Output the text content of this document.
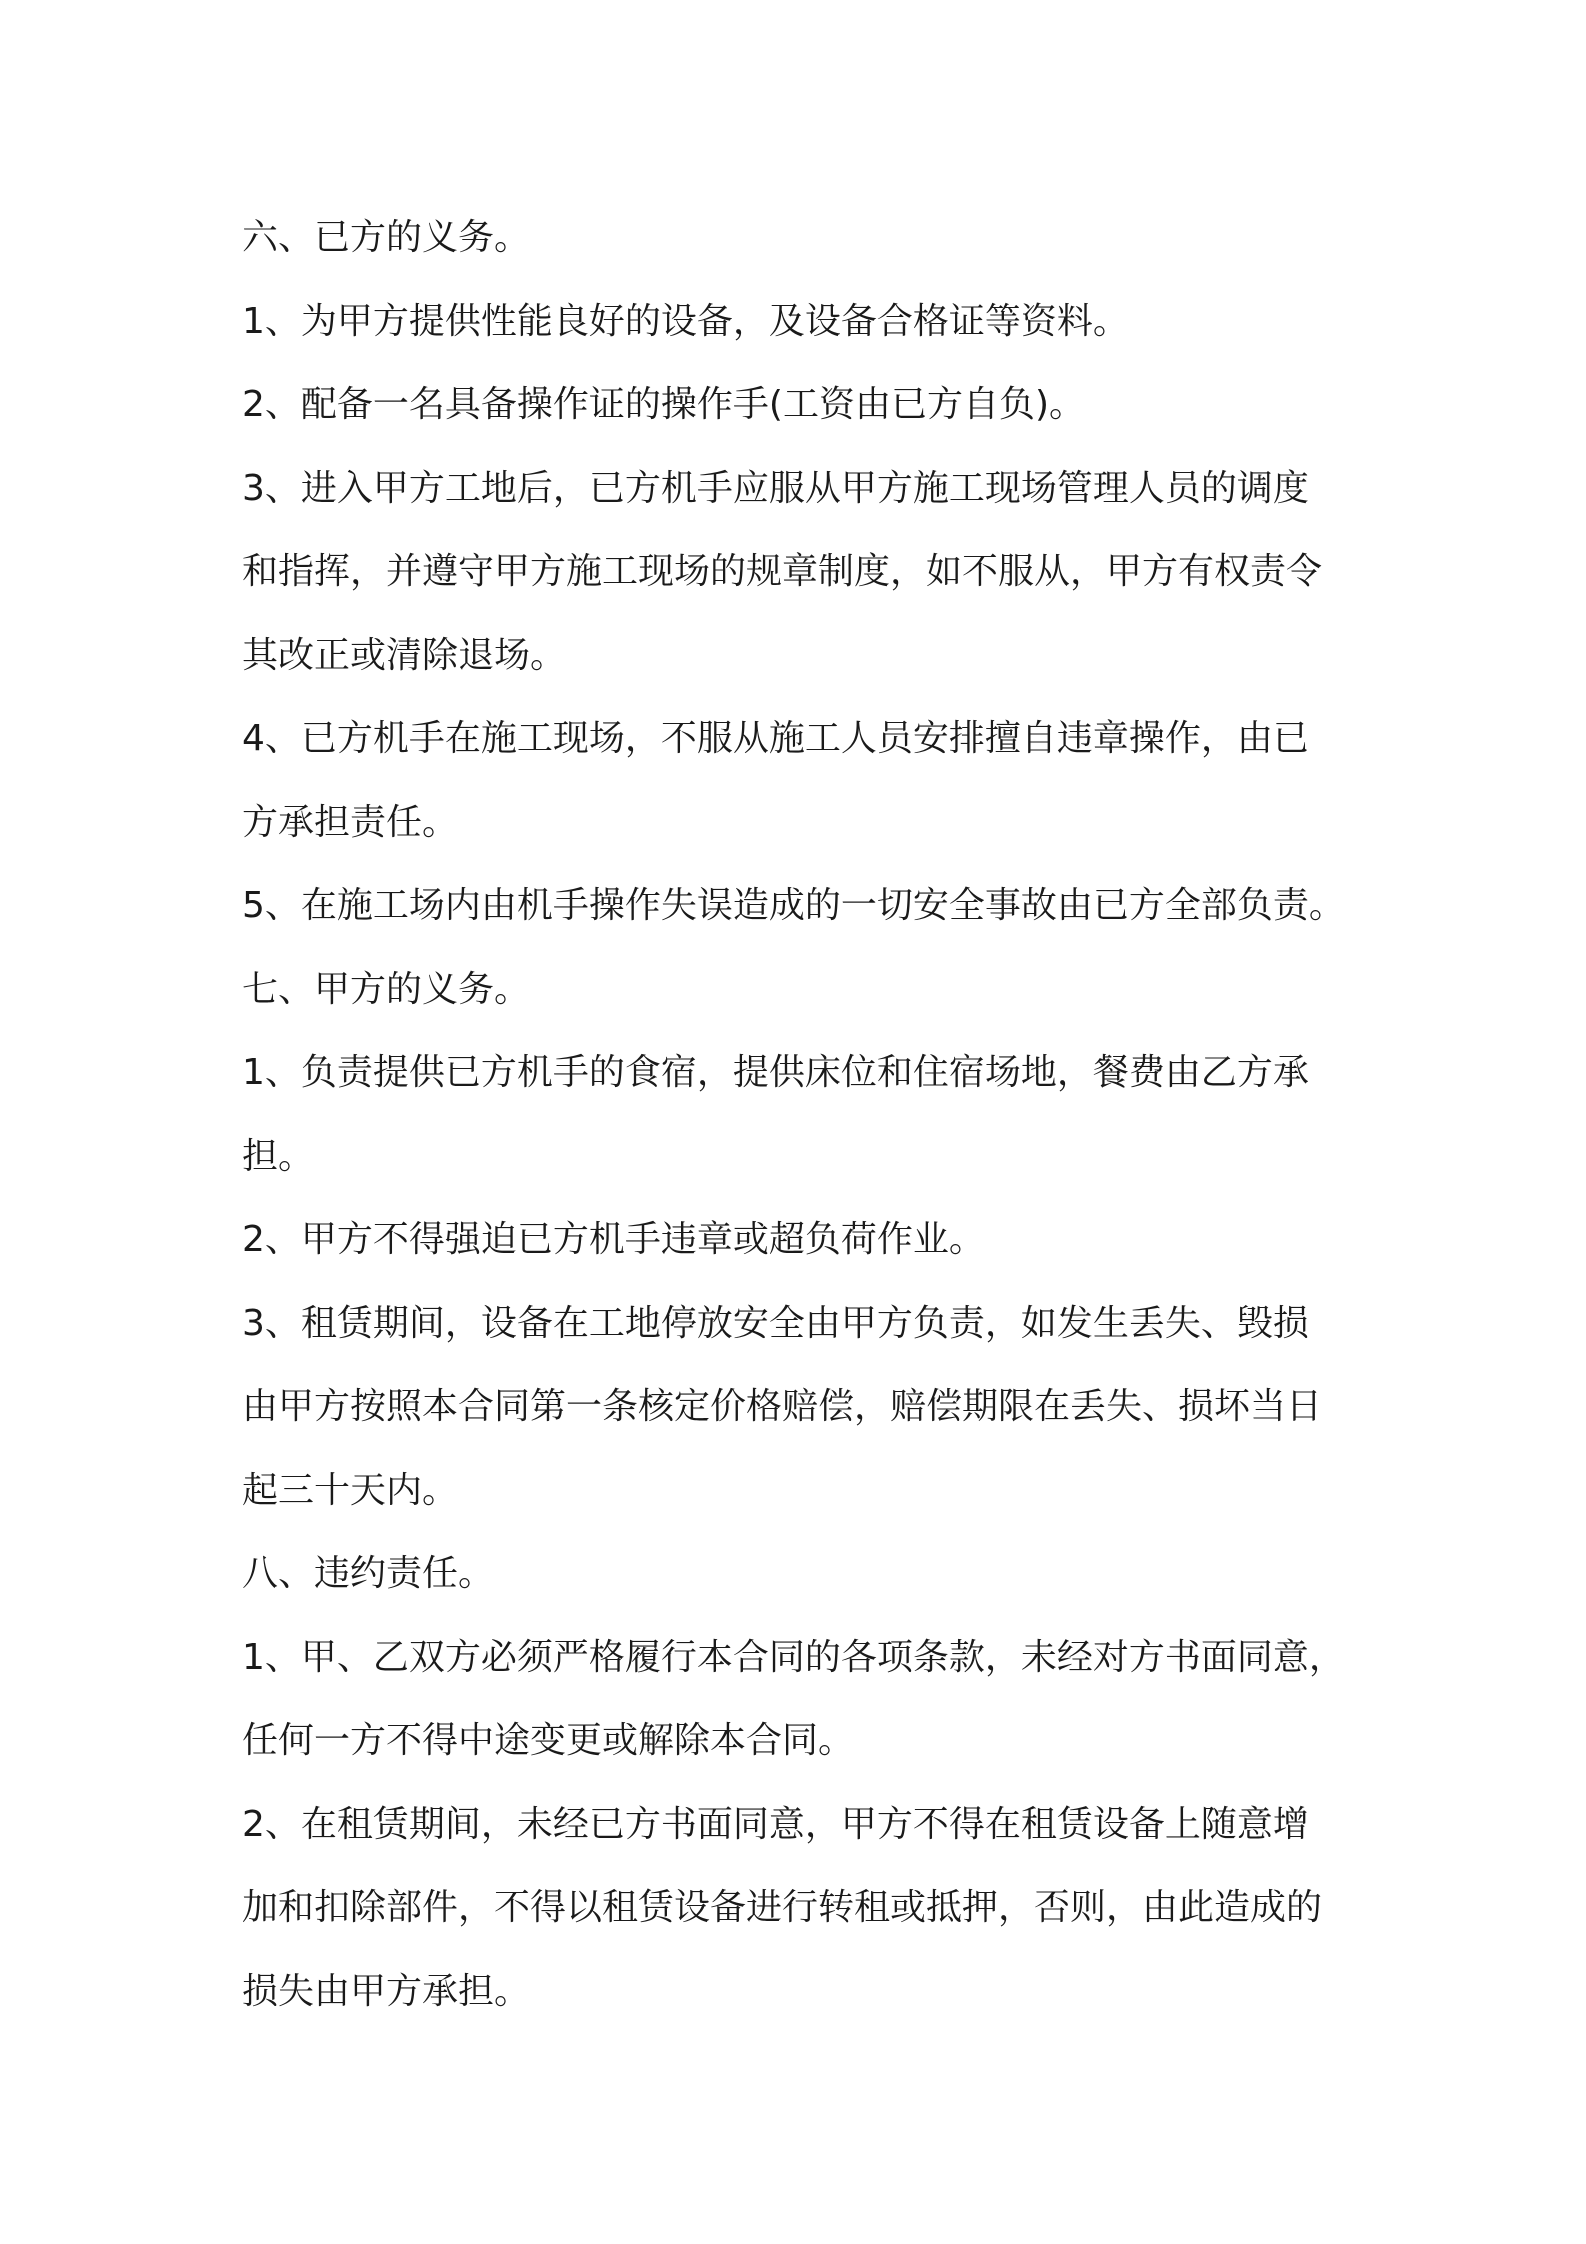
六、已方的义务。

1、为甲方提供性能良好的设备，及设备合格证等资料。

2、配备一名具备操作证的操作手(工资由已方自负)。

3、进入甲方工地后，已方机手应服从甲方施工现场管理人员的调度

和指挥，并遵守甲方施工现场的规章制度，如不服从，甲方有权责令

其改正或清除退场。

4、已方机手在施工现场，不服从施工人员安排擅自违章操作，由已

方承担责任。

5、在施工场内由机手操作失误造成的一切安全事故由已方全部负责。

七、甲方的义务。

1、负责提供已方机手的食宿，提供床位和住宿场地，餐费由乙方承

担。

2、甲方不得强迫已方机手违章或超负荷作业。

3、租赁期间，设备在工地停放安全由甲方负责，如发生丢失、毁损

由甲方按照本合同第一条核定价格赔偿，赔偿期限在丢失、损坏当日

起三十天内。

八、违约责任。

1、甲、乙双方必须严格履行本合同的各项条款，未经对方书面同意，

任何一方不得中途变更或解除本合同。

2、在租赁期间，未经已方书面同意，甲方不得在租赁设备上随意增

加和扣除部件，不得以租赁设备进行转租或抵押，否则，由此造成的

损失由甲方承担。
